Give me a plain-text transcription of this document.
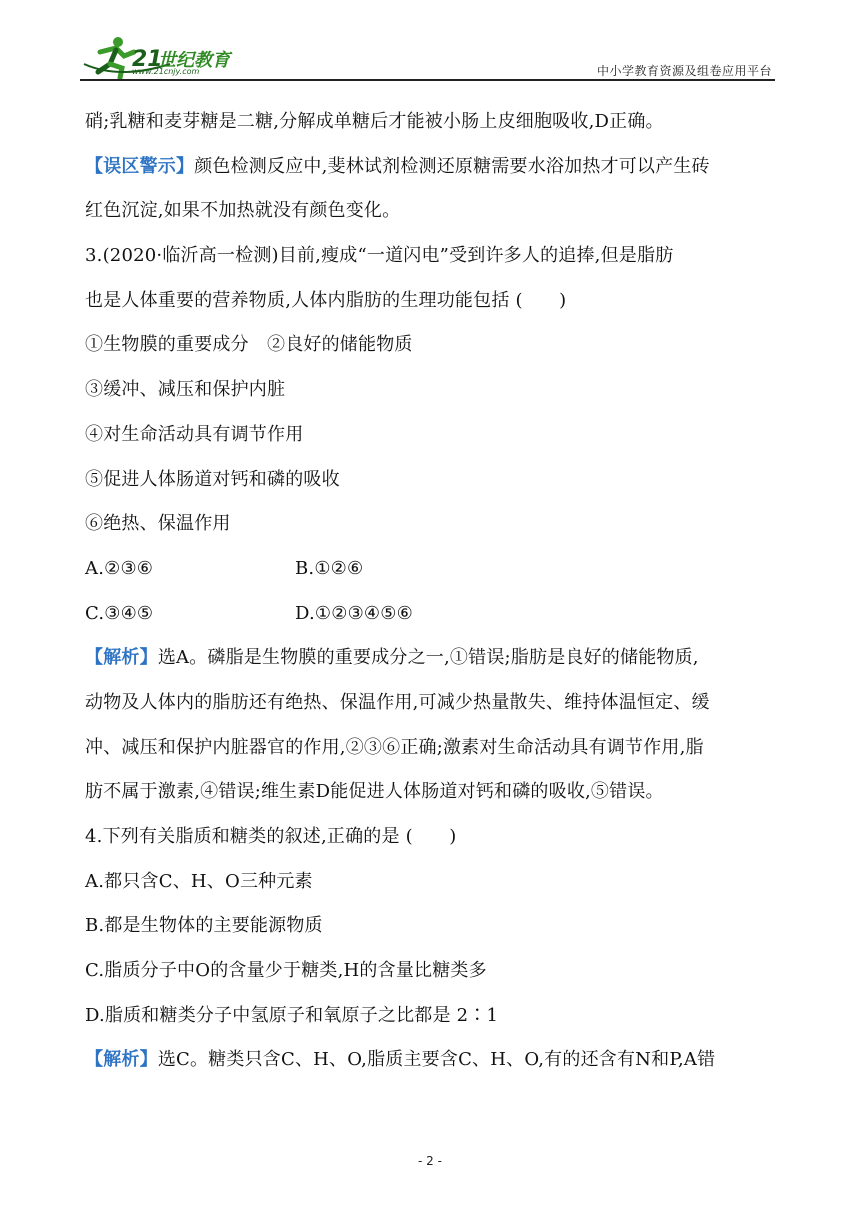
21
世纪教育
www.21cnjy.com	中小学教育资源及组卷应用平台
硝;乳糖和麦芽糖是二糖,分解成单糖后才能被小肠上皮细胞吸收,D正确。
【误区警示】颜色检测反应中,斐林试剂检测还原糖需要水浴加热才可以产生砖
红色沉淀,如果不加热就没有颜色变化。
3.(2020·临沂高一检测)目前,瘦成“一道闪电”受到许多人的追捧,但是脂肪
也是人体重要的营养物质,人体内脂肪的生理功能包括 (　　)
①生物膜的重要成分　②良好的储能物质
③缓冲、减压和保护内脏
④对生命活动具有调节作用
⑤促进人体肠道对钙和磷的吸收
⑥绝热、保温作用
A.②③⑥	B.①②⑥
C.③④⑤	D.①②③④⑤⑥
【解析】选A。磷脂是生物膜的重要成分之一,①错误;脂肪是良好的储能物质,
动物及人体内的脂肪还有绝热、保温作用,可减少热量散失、维持体温恒定、缓
冲、减压和保护内脏器官的作用,②③⑥正确;激素对生命活动具有调节作用,脂
肪不属于激素,④错误;维生素D能促进人体肠道对钙和磷的吸收,⑤错误。
4.下列有关脂质和糖类的叙述,正确的是 (　　)
A.都只含C、H、O三种元素
B.都是生物体的主要能源物质
C.脂质分子中O的含量少于糖类,H的含量比糖类多
D.脂质和糖类分子中氢原子和氧原子之比都是 2∶1
【解析】选C。糖类只含C、H、O,脂质主要含C、H、O,有的还含有N和P,A错
- 2 -
